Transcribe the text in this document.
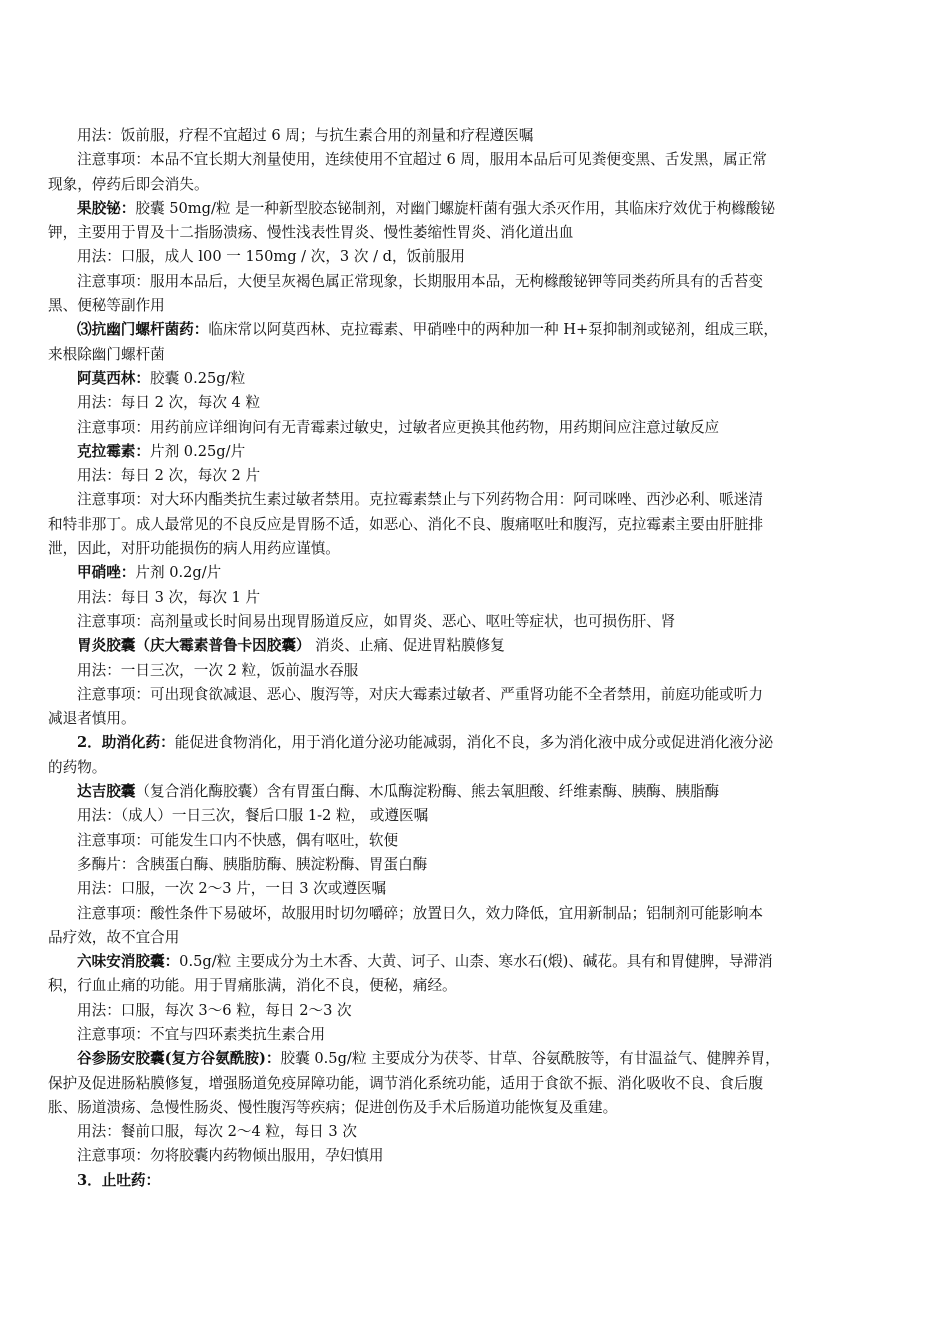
用法：饭前服，疗程不宜超过 6 周；与抗生素合用的剂量和疗程遵医嘱
注意事项：本品不宜长期大剂量使用，连续使用不宜超过 6 周，服用本品后可见粪便变黑、舌发黑，属正常
现象，停药后即会消失。
果胶铋：胶囊 50mg/粒 是一种新型胶态铋制剂，对幽门螺旋杆菌有强大杀灭作用，其临床疗效优于枸橼酸铋
钾，主要用于胃及十二指肠溃疡、慢性浅表性胃炎、慢性萎缩性胃炎、消化道出血
用法：口服，成人 l00 一 150mg / 次，3 次 / d，饭前服用
注意事项：服用本品后，大便呈灰褐色属正常现象，长期服用本品，无枸橼酸铋钾等同类药所具有的舌苔变
黑、便秘等副作用
⑶抗幽门螺杆菌药：临床常以阿莫西林、克拉霉素、甲硝唑中的两种加一种 H+泵抑制剂或铋剂，组成三联，
来根除幽门螺杆菌
阿莫西林：胶囊 0.25g/粒
用法：每日 2 次，每次 4 粒
注意事项：用药前应详细询问有无青霉素过敏史，过敏者应更换其他药物，用药期间应注意过敏反应
克拉霉素：片剂 0.25g/片
用法：每日 2 次，每次 2 片
注意事项：对大环内酯类抗生素过敏者禁用。克拉霉素禁止与下列药物合用：阿司咪唑、西沙必利、哌迷清
和特非那丁。成人最常见的不良反应是胃肠不适，如恶心、消化不良、腹痛呕吐和腹泻，克拉霉素主要由肝脏排
泄，因此，对肝功能损伤的病人用药应谨慎。
甲硝唑：片剂 0.2g/片
用法：每日 3 次，每次 1 片
注意事项：高剂量或长时间易出现胃肠道反应，如胃炎、恶心、呕吐等症状，也可损伤肝、肾
胃炎胶囊（庆大霉素普鲁卡因胶囊） 消炎、止痛、促进胃粘膜修复
用法：一日三次，一次 2 粒，饭前温水吞服
注意事项：可出现食欲减退、恶心、腹泻等，对庆大霉素过敏者、严重肾功能不全者禁用，前庭功能或听力
减退者慎用。
2．助消化药：能促进食物消化，用于消化道分泌功能减弱，消化不良，多为消化液中成分或促进消化液分泌
的药物。
达吉胶囊（复合消化酶胶囊）含有胃蛋白酶、木瓜酶淀粉酶、熊去氧胆酸、纤维素酶、胰酶、胰脂酶
用法：（成人）一日三次，餐后口服 1-2 粒， 或遵医嘱
注意事项：可能发生口内不快感，偶有呕吐，软便
多酶片：含胰蛋白酶、胰脂肪酶、胰淀粉酶、胃蛋白酶
用法：口服，一次 2～3 片，一日 3 次或遵医嘱
注意事项：酸性条件下易破坏，故服用时切勿嚼碎；放置日久，效力降低，宜用新制品；铝制剂可能影响本
品疗效，故不宜合用
六味安消胶囊：0.5g/粒 主要成分为土木香、大黄、诃子、山柰、寒水石(煅)、碱花。具有和胃健脾，导滞消
积，行血止痛的功能。用于胃痛胀满，消化不良，便秘，痛经。
用法：口服，每次 3～6 粒，每日 2～3 次
注意事项：不宜与四环素类抗生素合用
谷参肠安胶囊(复方谷氨酰胺)：胶囊 0.5g/粒 主要成分为茯苓、甘草、谷氨酰胺等，有甘温益气、健脾养胃，
保护及促进肠粘膜修复，增强肠道免疫屏障功能，调节消化系统功能，适用于食欲不振、消化吸收不良、食后腹
胀、肠道溃疡、急慢性肠炎、慢性腹泻等疾病；促进创伤及手术后肠道功能恢复及重建。
用法：餐前口服，每次 2～4 粒，每日 3 次
注意事项：勿将胶囊内药物倾出服用，孕妇慎用
3．止吐药：
